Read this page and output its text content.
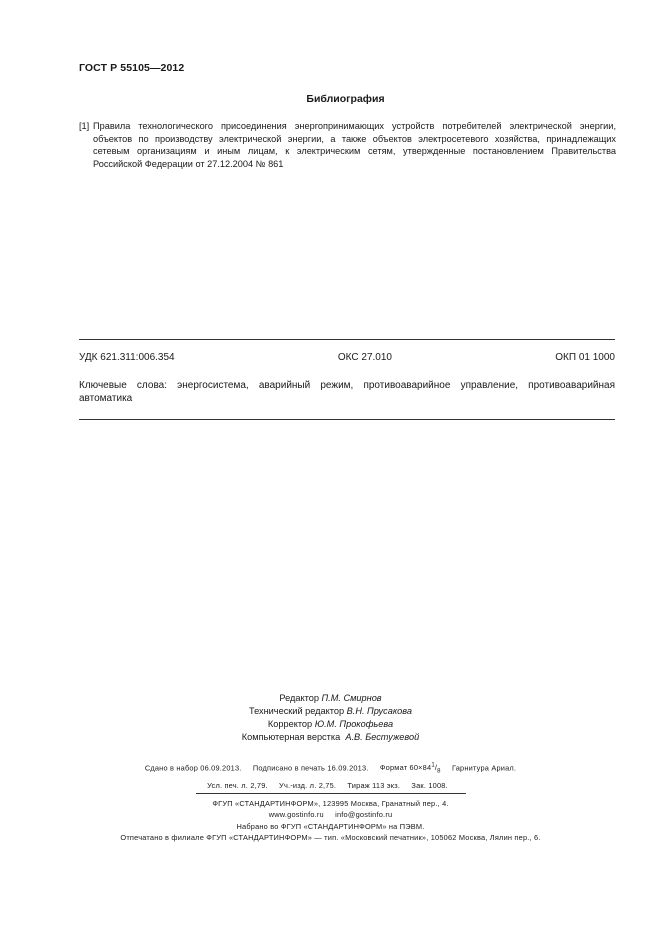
ГОСТ Р 55105—2012
Библиография
[1] Правила технологического присоединения энергопринимающих устройств потребителей электрической энергии, объектов по производству электрической энергии, а также объектов электросетевого хозяйства, принадлежащих сетевым организациям и иным лицам, к электрическим сетям, утвержденные постановлением Правительства Российской Федерации от 27.12.2004 № 861
УДК 621.311:006.354	ОКС 27.010	ОКП 01 1000
Ключевые слова: энергосистема, аварийный режим, противоаварийное управление, противоаварийная автоматика
Редактор П.М. Смирнов
Технический редактор В.Н. Прусакова
Корректор Ю.М. Прокофьева
Компьютерная верстка А.В. Бестужевой
Сдано в набор 06.09.2013. Подписано в печать 16.09.2013. Формат $60\times 84^1/_8$ Гарнитура Ариал.
Усл. печ. л. 2,79. Уч.-изд. л. 2,75. Тираж 113 экз. Зак. 1008.
ФГУП «СТАНДАРТИНФОРМ», 123995 Москва, Гранатный пер., 4.
www.gostinfo.ru info@gostinfo.ru
Набрано во ФГУП «СТАНДАРТИНФОРМ» на ПЭВМ.
Отпечатано в филиале ФГУП «СТАНДАРТИНФОРМ» — тип. «Московский печатник», 105062 Москва, Лялин пер., 6.
